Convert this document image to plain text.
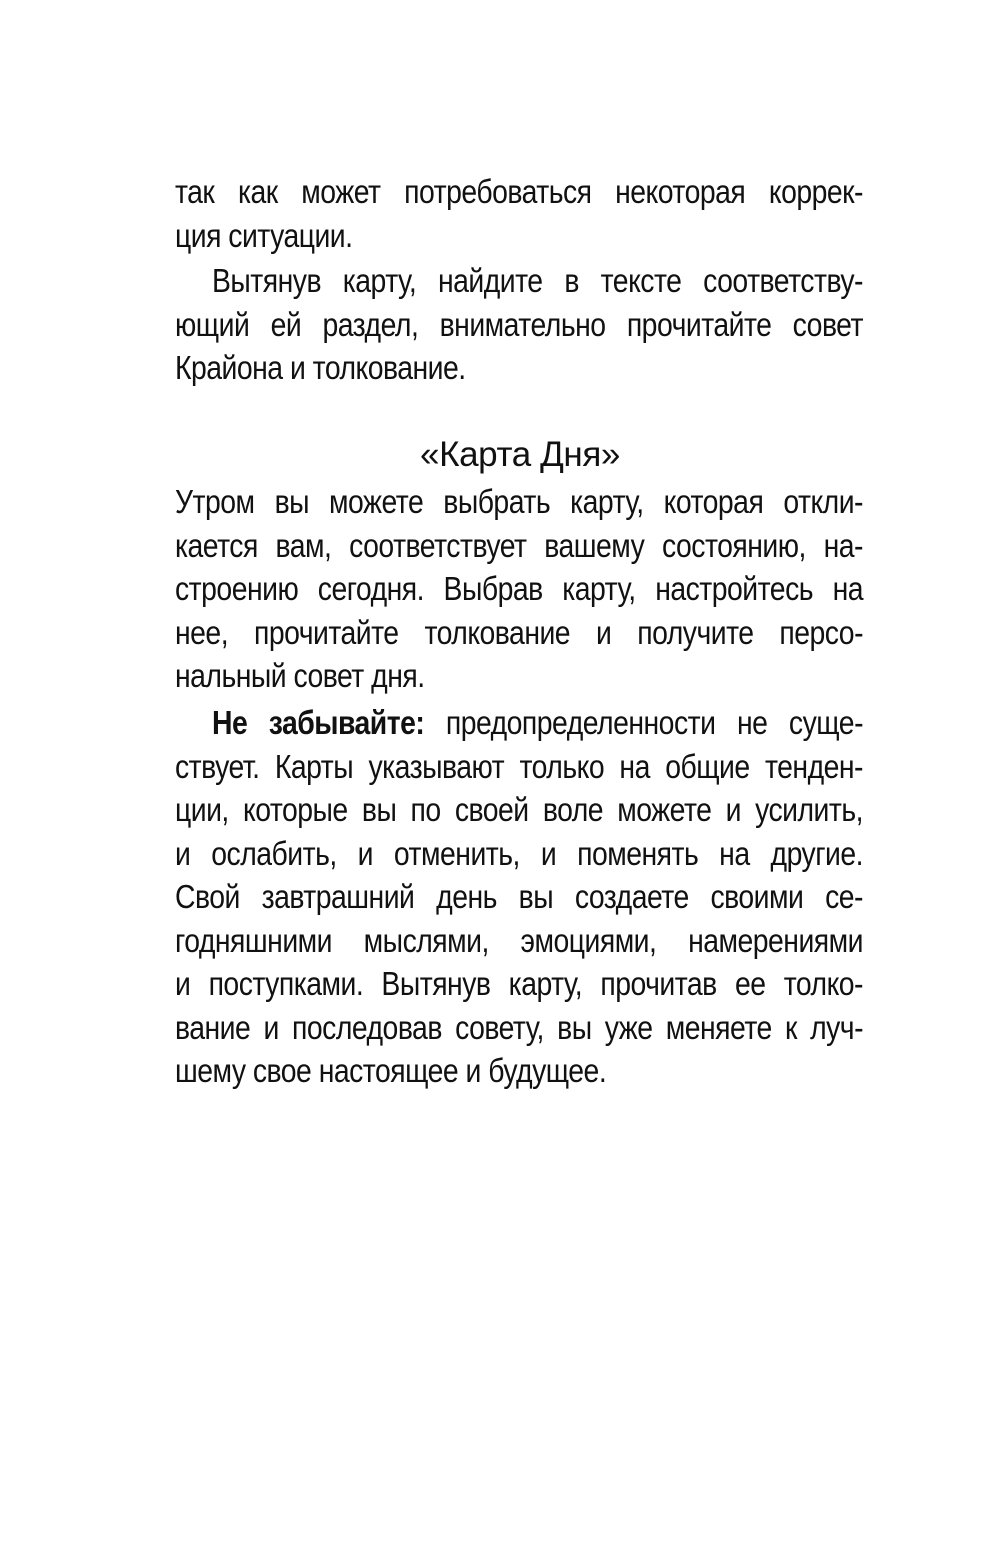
так как может потребоваться некоторая коррек-
ция ситуации.
Вытянув карту, найдите в тексте соответству-
ющий ей раздел, внимательно прочитайте совет
Крайона и толкование.
«Карта Дня»
Утром вы можете выбрать карту, которая откли-
кается вам, соответствует вашему состоянию, на-
строению сегодня. Выбрав карту, настройтесь на
нее, прочитайте толкование и получите персо-
нальный совет дня.
Не забывайте: предопределенности не суще-
ствует. Карты указывают только на общие тенден-
ции, которые вы по своей воле можете и усилить,
и ослабить, и отменить, и поменять на другие.
Свой завтрашний день вы создаете своими се-
годняшними мыслями, эмоциями, намерениями
и поступками. Вытянув карту, прочитав ее толко-
вание и последовав совету, вы уже меняете к луч-
шему свое настоящее и будущее.
